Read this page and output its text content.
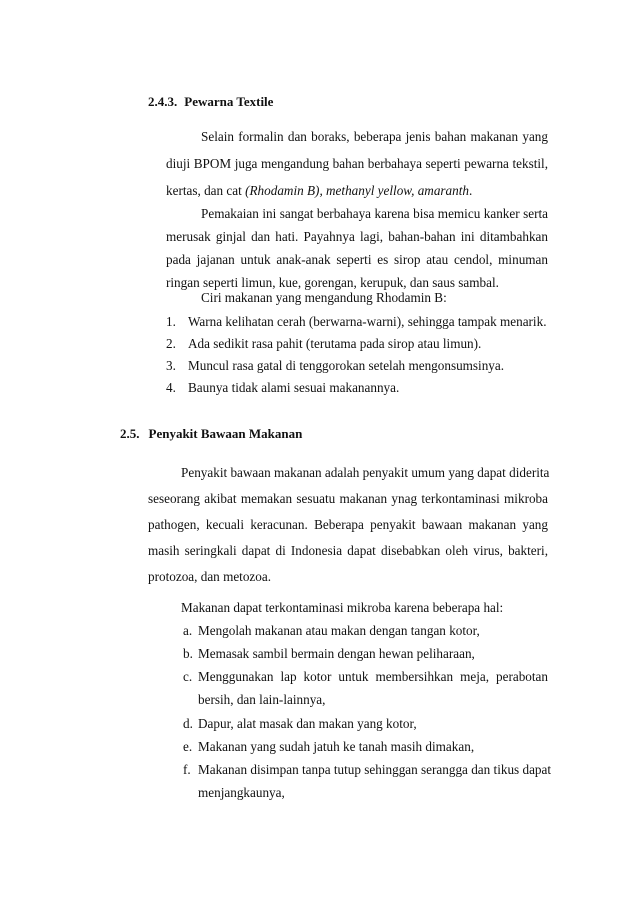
2.4.3. Pewarna Textile
Selain formalin dan boraks, beberapa jenis bahan makanan yang
diuji BPOM juga mengandung bahan berbahaya seperti pewarna tekstil,
kertas, dan cat (Rhodamin B), methanyl yellow, amaranth.
Pemakaian ini sangat berbahaya karena bisa memicu kanker serta
merusak ginjal dan hati. Payahnya lagi, bahan-bahan ini ditambahkan
pada jajanan untuk anak-anak seperti es sirop atau cendol, minuman
ringan seperti limun, kue, gorengan, kerupuk, dan saus sambal.
Ciri makanan yang mengandung Rhodamin B:
1. Warna kelihatan cerah (berwarna-warni), sehingga tampak menarik.
2. Ada sedikit rasa pahit (terutama pada sirop atau limun).
3. Muncul rasa gatal di tenggorokan setelah mengonsumsinya.
4. Baunya tidak alami sesuai makanannya.
2.5. Penyakit Bawaan Makanan
Penyakit bawaan makanan adalah penyakit umum yang dapat diderita
seseorang akibat memakan sesuatu makanan ynag terkontaminasi mikroba
pathogen, kecuali keracunan. Beberapa penyakit bawaan makanan yang
masih seringkali dapat di Indonesia dapat disebabkan oleh virus, bakteri,
protozoa, dan metozoa.
Makanan dapat terkontaminasi mikroba karena beberapa hal:
a. Mengolah makanan atau makan dengan tangan kotor,
b. Memasak sambil bermain dengan hewan peliharaan,
c. Menggunakan lap kotor untuk membersihkan meja, perabotan
bersih, dan lain-lainnya,
d. Dapur, alat masak dan makan yang kotor,
e. Makanan yang sudah jatuh ke tanah masih dimakan,
f. Makanan disimpan tanpa tutup sehinggan serangga dan tikus dapat
menjangkaunya,
